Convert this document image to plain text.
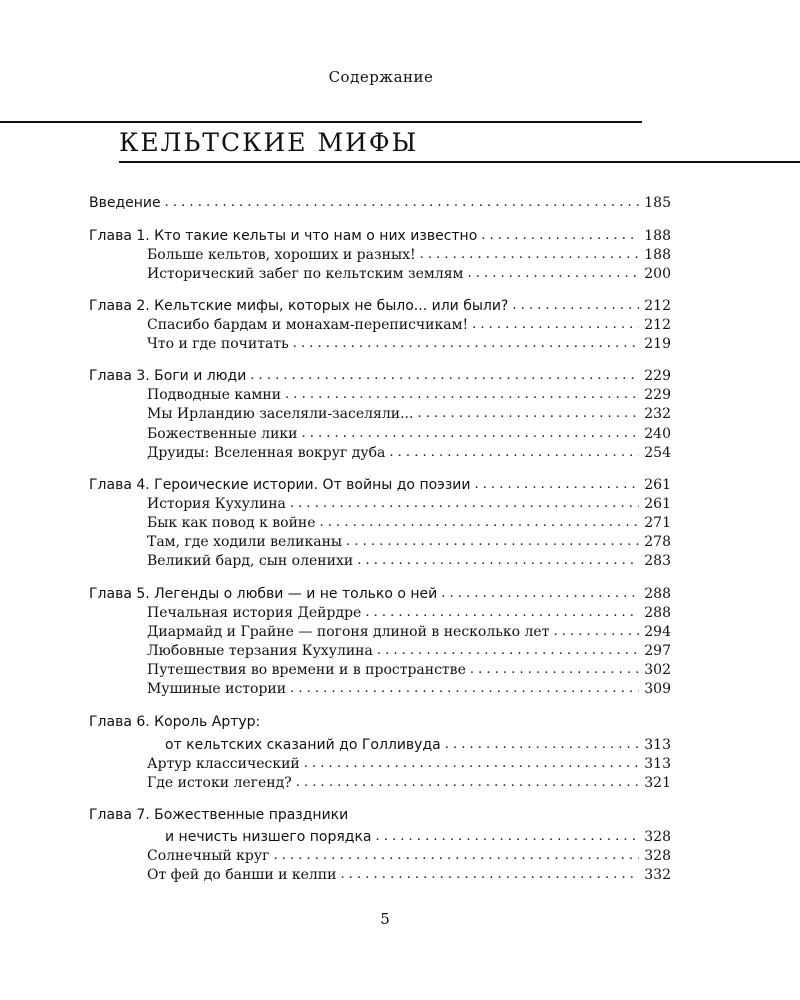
Содержание
КЕЛЬТСКИЕ МИФЫ
Введение . . .	185
Глава 1. Кто такие кельты и что нам о них известно . . .	188
Больше кельтов, хороших и разных! . . .	188
Исторический забег по кельтским землям . . .	200
Глава 2. Кельтские мифы, которых не было... или были? . . .	212
Спасибо бардам и монахам-переписчикам! . . .	212
Что и где почитать . . .	219
Глава 3. Боги и люди . . .	229
Подводные камни . . .	229
Мы Ирландию заселяли-заселяли... . . .	232
Божественные лики . . .	240
Друиды: Вселенная вокруг дуба . . .	254
Глава 4. Героические истории. От войны до поэзии . . .	261
История Кухулина . . .	261
Бык как повод к войне . . .	271
Там, где ходили великаны . . .	278
Великий бард, сын оленихи . . .	283
Глава 5. Легенды о любви — и не только о ней . . .	288
Печальная история Дейрдре . . .	288
Диармайд и Грайне — погоня длиной в несколько лет . . .	294
Любовные терзания Кухулина . . .	297
Путешествия во времени и в пространстве . . .	302
Мушиные истории . . .	309
Глава 6. Король Артур:
от кельтских сказаний до Голливуда . . .	313
Артур классический . . .	313
Где истоки легенд? . . .	321
Глава 7. Божественные праздники
и нечисть низшего порядка . . .	328
Солнечный круг . . .	328
От фей до банши и келпи . . .	332
5
